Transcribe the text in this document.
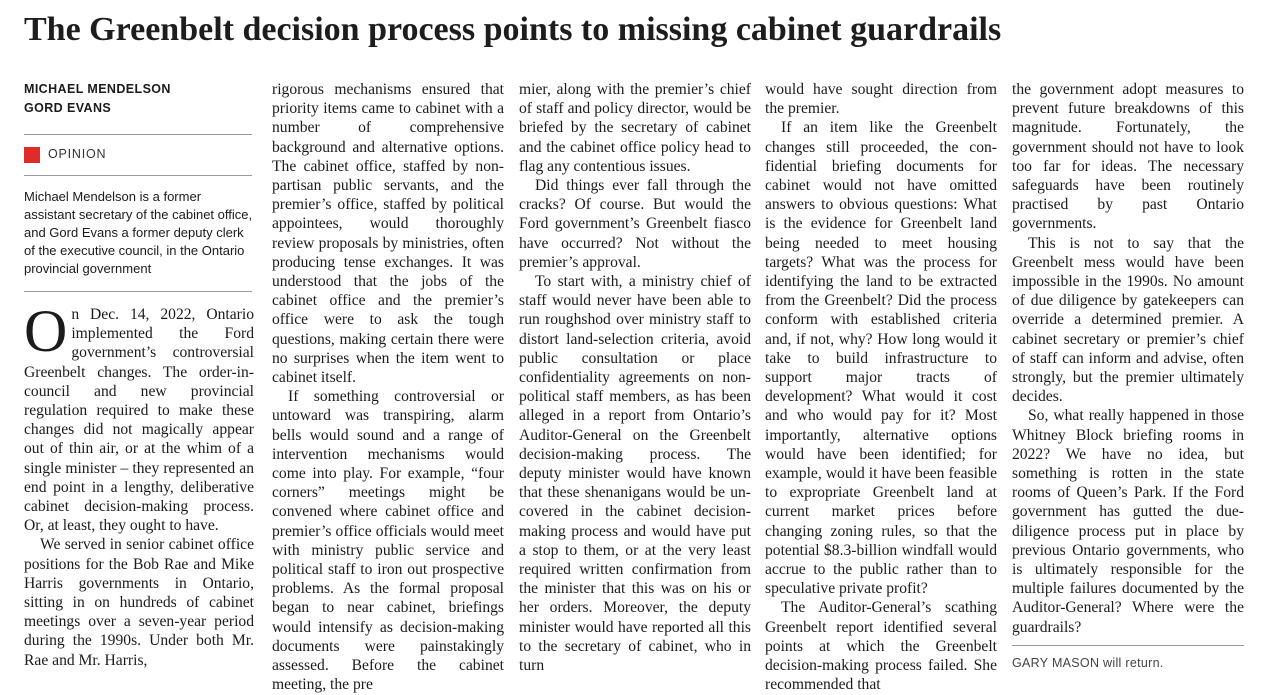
The Greenbelt decision process points to missing cabinet guardrails
MICHAEL MENDELSON
GORD EVANS
OPINION
Michael Mendelson is a former assistant secretary of the cabinet office, and Gord Evans a former deputy clerk of the executive council, in the Ontario provincial government

On Dec. 14, 2022, Ontario implemented the Ford government’s controversial Greenbelt changes. The order-in-council and new provincial regulation required to make these changes did not magically appear out of thin air, or at the whim of a single minister – they represented an end point in a lengthy, deliberative cabinet decision-making process. Or, at least, they ought to have.

We served in senior cabinet office positions for the Bob Rae and Mike Harris governments in Ontario, sitting in on hundreds of cabinet meetings over a seven-year period during the 1990s. Under both Mr. Rae and Mr. Harris,

rigorous mechanisms ensured that priority items came to cabinet with a number of comprehensive background and alternative options. The cabinet office, staffed by non-partisan public servants, and the premier’s office, staffed by political appointees, would thoroughly review proposals by ministries, often producing tense exchanges. It was understood that the jobs of the cabinet office and the premier’s office were to ask the tough questions, making certain there were no surprises when the item went to cabinet itself.

If something controversial or untoward was transpiring, alarm bells would sound and a range of intervention mechanisms would come into play. For example, “four corners” meetings might be convened where cabinet office and premier’s office officials would meet with ministry public service and political staff to iron out prospective problems. As the formal proposal began to near cabinet, briefings would intensify as decision-making documents were painstakingly assessed. Before the cabinet meeting, the pre

mier, along with the premier’s chief of staff and policy director, would be briefed by the secretary of cabinet and the cabinet office policy head to flag any contentious issues.

Did things ever fall through the cracks? Of course. But would the Ford government’s Greenbelt fiasco have occurred? Not without the premier’s approval.

To start with, a ministry chief of staff would never have been able to run roughshod over ministry staff to distort land-selection criteria, avoid public consultation or place confidentiality agreements on non-political staff members, as has been alleged in a report from Ontario’s Auditor-General on the Greenbelt decision-making process. The deputy minister would have known that these shenanigans would be uncovered in the cabinet decision-making process and would have put a stop to them, or at the very least required written confirmation from the minister that this was on his or her orders. Moreover, the deputy minister would have reported all this to the secretary of cabinet, who in turn

would have sought direction from the premier.

If an item like the Greenbelt changes still proceeded, the confidential briefing documents for cabinet would not have omitted answers to obvious questions: What is the evidence for Greenbelt land being needed to meet housing targets? What was the process for identifying the land to be extracted from the Greenbelt? Did the process conform with established criteria and, if not, why? How long would it take to build infrastructure to support major tracts of development? What would it cost and who would pay for it? Most importantly, alternative options would have been identified; for example, would it have been feasible to expropriate Greenbelt land at current market prices before changing zoning rules, so that the potential $8.3-billion windfall would accrue to the public rather than to speculative private profit?

The Auditor-General’s scathing Greenbelt report identified several points at which the Greenbelt decision-making process failed. She recommended that

the government adopt measures to prevent future breakdowns of this magnitude. Fortunately, the government should not have to look too far for ideas. The necessary safeguards have been routinely practised by past Ontario governments.

This is not to say that the Greenbelt mess would have been impossible in the 1990s. No amount of due diligence by gatekeepers can override a determined premier. A cabinet secretary or premier’s chief of staff can inform and advise, often strongly, but the premier ultimately decides.

So, what really happened in those Whitney Block briefing rooms in 2022? We have no idea, but something is rotten in the state rooms of Queen’s Park. If the Ford government has gutted the due-diligence process put in place by previous Ontario governments, who is ultimately responsible for the multiple failures documented by the Auditor-General? Where were the guardrails?

GARY MASON will return.
